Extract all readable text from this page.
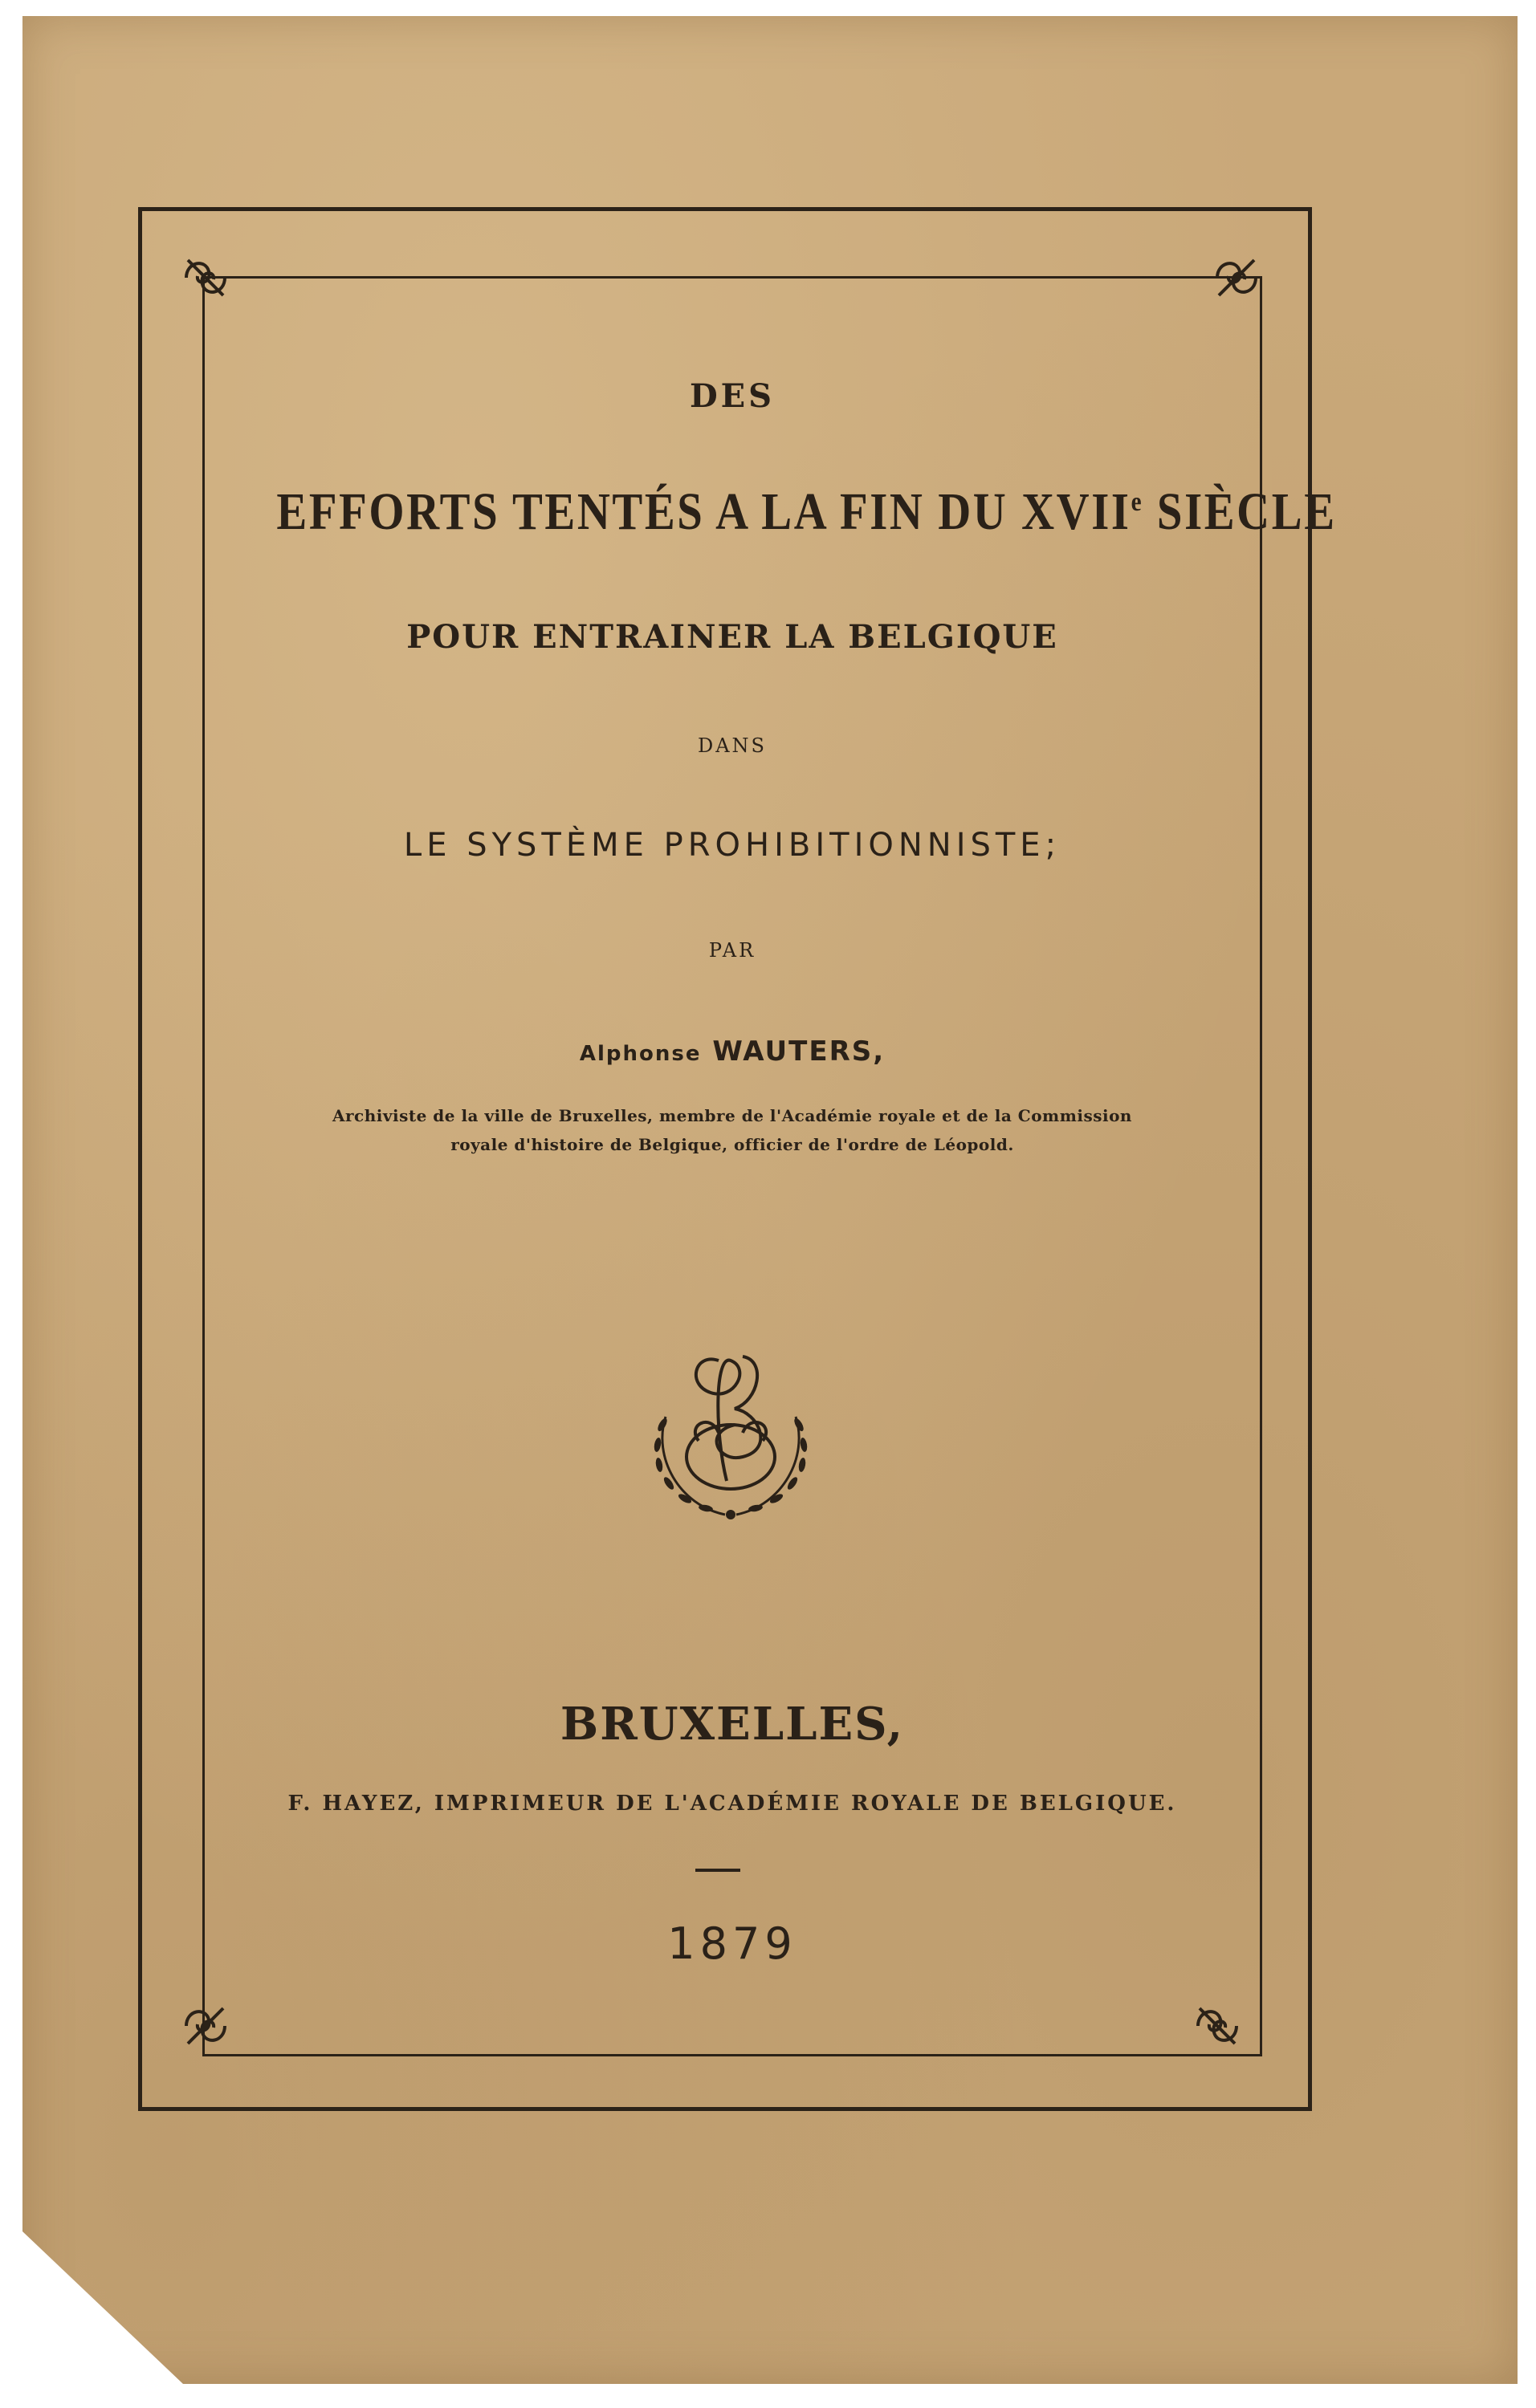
DES
EFFORTS TENTÉS A LA FIN DU XVIIe SIÈCLE
POUR ENTRAINER LA BELGIQUE
DANS
LE SYSTÈME PROHIBITIONNISTE;
PAR
Alphonse WAUTERS,
Archiviste de la ville de Bruxelles, membre de l'Académie royale et de la Commission
royale d'histoire de Belgique, officier de l'ordre de Léopold.
BRUXELLES,
F. HAYEZ, IMPRIMEUR DE L'ACADÉMIE ROYALE DE BELGIQUE.
1879
